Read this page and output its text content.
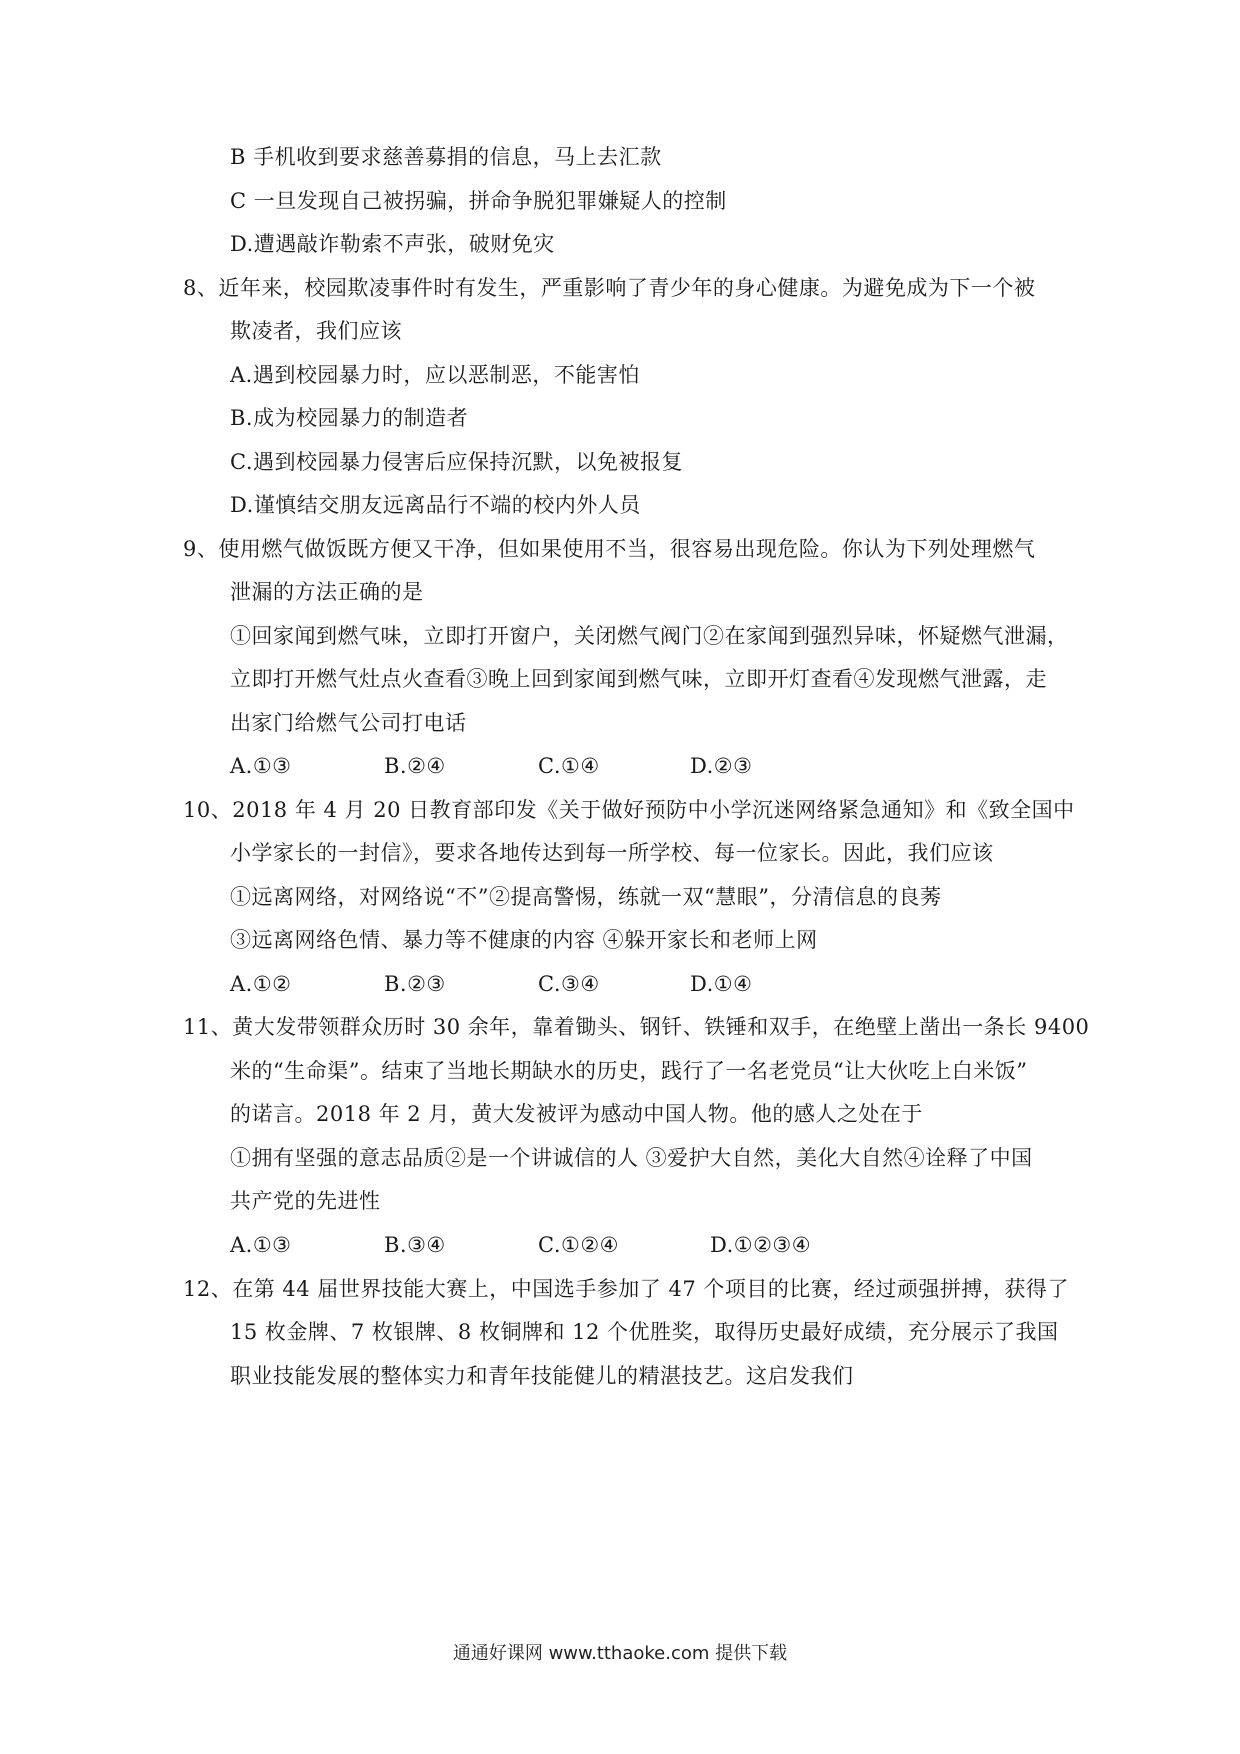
B 手机收到要求慈善募捐的信息，马上去汇款
C 一旦发现自己被拐骗，拼命争脱犯罪嫌疑人的控制
D.遭遇敲诈勒索不声张，破财免灾
8、近年来，校园欺凌事件时有发生，严重影响了青少年的身心健康。为避免成为下一个被
欺凌者，我们应该
A.遇到校园暴力时，应以恶制恶，不能害怕
B.成为校园暴力的制造者
C.遇到校园暴力侵害后应保持沉默，以免被报复
D.谨慎结交朋友远离品行不端的校内外人员
9、使用燃气做饭既方便又干净，但如果使用不当，很容易出现危险。你认为下列处理燃气
泄漏的方法正确的是
①回家闻到燃气味，立即打开窗户，关闭燃气阀门②在家闻到强烈异味，怀疑燃气泄漏，
立即打开燃气灶点火查看③晚上回到家闻到燃气味，立即开灯查看④发现燃气泄露，走
出家门给燃气公司打电话
A.①③	B.②④	C.①④	D.②③
10、2018 年 4 月 20 日教育部印发《关于做好预防中小学沉迷网络紧急通知》和《致全国中
小学家长的一封信》，要求各地传达到每一所学校、每一位家长。因此，我们应该
①远离网络，对网络说“不”②提高警惕，练就一双“慧眼”，分清信息的良莠
③远离网络色情、暴力等不健康的内容 ④躲开家长和老师上网
A.①②	B.②③	C.③④	D.①④
11、黄大发带领群众历时 30 余年，靠着锄头、钢钎、铁锤和双手，在绝壁上凿出一条长 9400
米的“生命渠”。结束了当地长期缺水的历史，践行了一名老党员“让大伙吃上白米饭”
的诺言。2018 年 2 月，黄大发被评为感动中国人物。他的感人之处在于
①拥有坚强的意志品质②是一个讲诚信的人 ③爱护大自然，美化大自然④诠释了中国
共产党的先进性
A.①③	B.③④	C.①②④	D.①②③④
12、在第 44 届世界技能大赛上，中国选手参加了 47 个项目的比赛，经过顽强拼搏，获得了
15 枚金牌、7 枚银牌、8 枚铜牌和 12 个优胜奖，取得历史最好成绩，充分展示了我国
职业技能发展的整体实力和青年技能健儿的精湛技艺。这启发我们
通通好课网 www.tthaoke.com 提供下载
